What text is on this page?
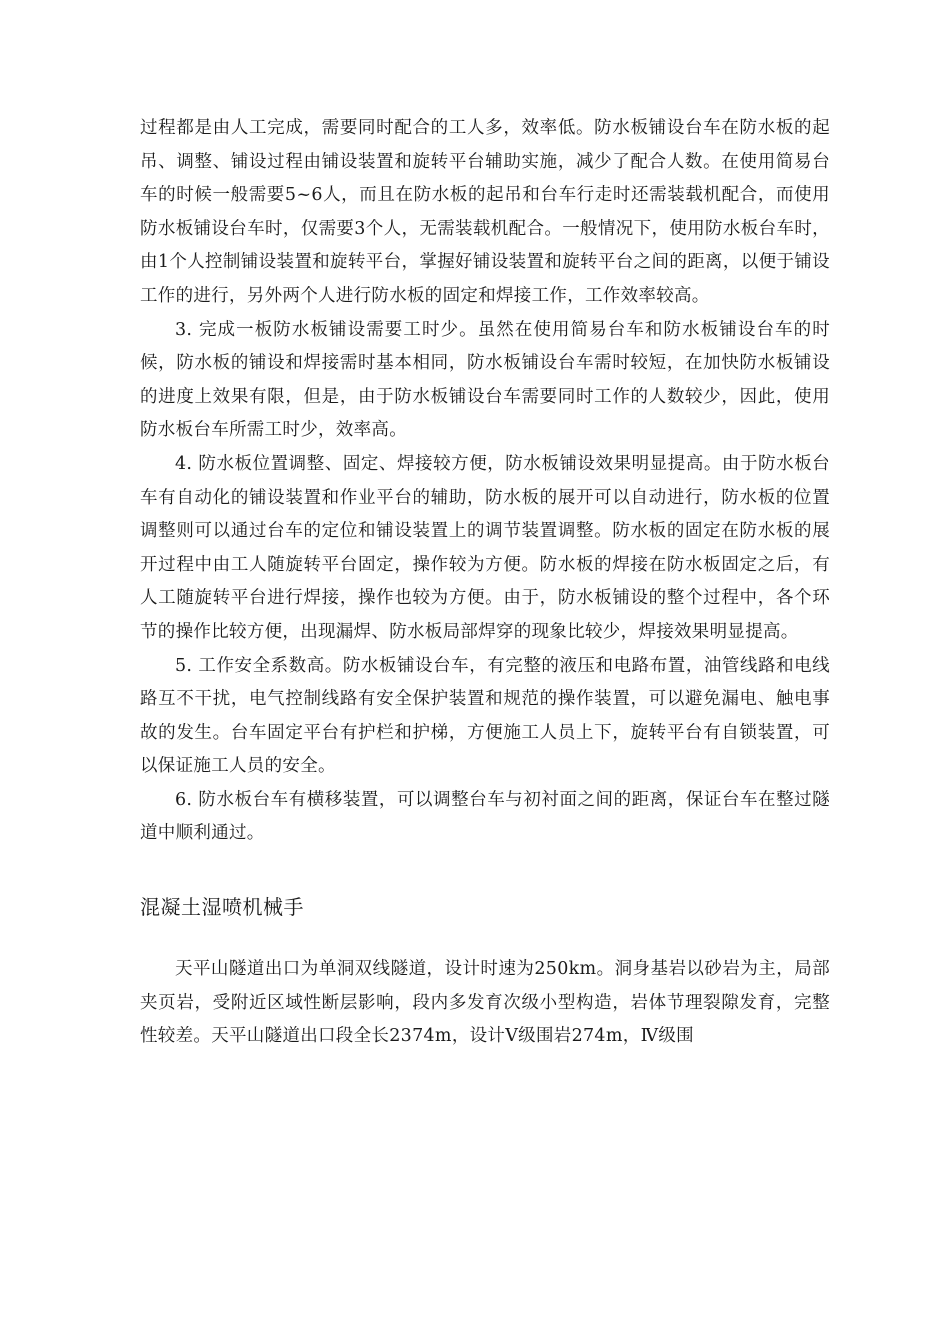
过程都是由人工完成，需要同时配合的工人多，效率低。防水板铺设台车在防水板的起吊、调整、铺设过程由铺设装置和旋转平台辅助实施，减少了配合人数。在使用简易台车的时候一般需要5~6人，而且在防水板的起吊和台车行走时还需装载机配合，而使用防水板铺设台车时，仅需要3个人，无需装载机配合。一般情况下，使用防水板台车时，由1个人控制铺设装置和旋转平台，掌握好铺设装置和旋转平台之间的距离，以便于铺设工作的进行，另外两个人进行防水板的固定和焊接工作，工作效率较高。

3. 完成一板防水板铺设需要工时少。虽然在使用简易台车和防水板铺设台车的时候，防水板的铺设和焊接需时基本相同，防水板铺设台车需时较短，在加快防水板铺设的进度上效果有限，但是，由于防水板铺设台车需要同时工作的人数较少，因此，使用防水板台车所需工时少，效率高。

4. 防水板位置调整、固定、焊接较方便，防水板铺设效果明显提高。由于防水板台车有自动化的铺设装置和作业平台的辅助，防水板的展开可以自动进行，防水板的位置调整则可以通过台车的定位和铺设装置上的调节装置调整。防水板的固定在防水板的展开过程中由工人随旋转平台固定，操作较为方便。防水板的焊接在防水板固定之后，有人工随旋转平台进行焊接，操作也较为方便。由于，防水板铺设的整个过程中，各个环节的操作比较方便，出现漏焊、防水板局部焊穿的现象比较少，焊接效果明显提高。

5. 工作安全系数高。防水板铺设台车，有完整的液压和电路布置，油管线路和电线路互不干扰，电气控制线路有安全保护装置和规范的操作装置，可以避免漏电、触电事故的发生。台车固定平台有护栏和护梯，方便施工人员上下，旋转平台有自锁装置，可以保证施工人员的安全。

6. 防水板台车有横移装置，可以调整台车与初衬面之间的距离，保证台车在整过隧道中顺利通过。

混凝土湿喷机械手

天平山隧道出口为单洞双线隧道，设计时速为250km。洞身基岩以砂岩为主，局部夹页岩，受附近区域性断层影响，段内多发育次级小型构造，岩体节理裂隙发育，完整性较差。天平山隧道出口段全长2374m，设计Ⅴ级围岩274m，Ⅳ级围
